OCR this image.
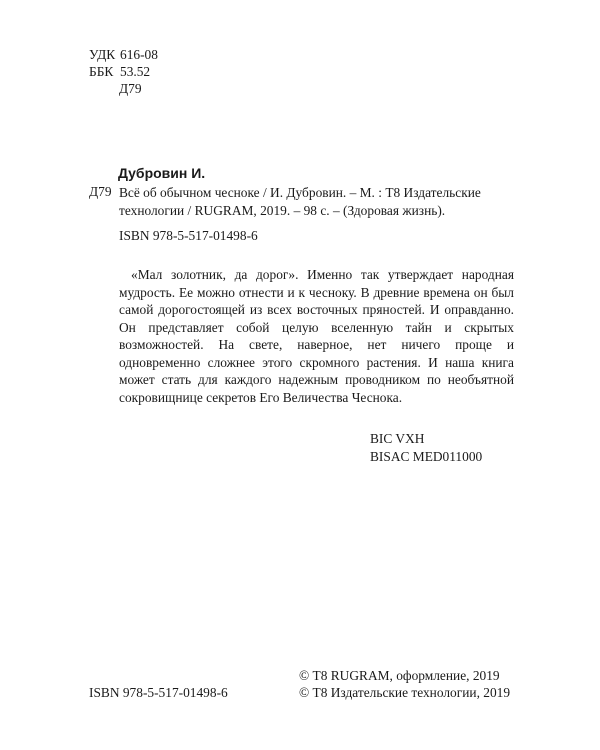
УДК 616-08
ББК 53.52
Д79
Дубровин И.
Д79 Всё об обычном чесноке / И. Дубровин. – М. : Т8 Издательские технологии / RUGRAM, 2019. – 98 с. – (Здоровая жизнь).
ISBN 978-5-517-01498-6
«Мал золотник, да дорог». Именно так утверждает народная мудрость. Ее можно отнести и к чесноку. В древние времена он был самой дорогостоящей из всех восточных пряностей. И оправданно. Он представляет собой целую вселенную тайн и скрытых возможностей. На свете, наверное, нет ничего проще и одновременно сложнее этого скромного растения. И наша книга может стать для каждого надежным проводником по необъятной сокровищнице секретов Его Величества Чеснока.
BIC VXH
BISAC MED011000
© Т8 RUGRAM, оформление, 2019
© Т8 Издательские технологии, 2019
ISBN 978-5-517-01498-6
